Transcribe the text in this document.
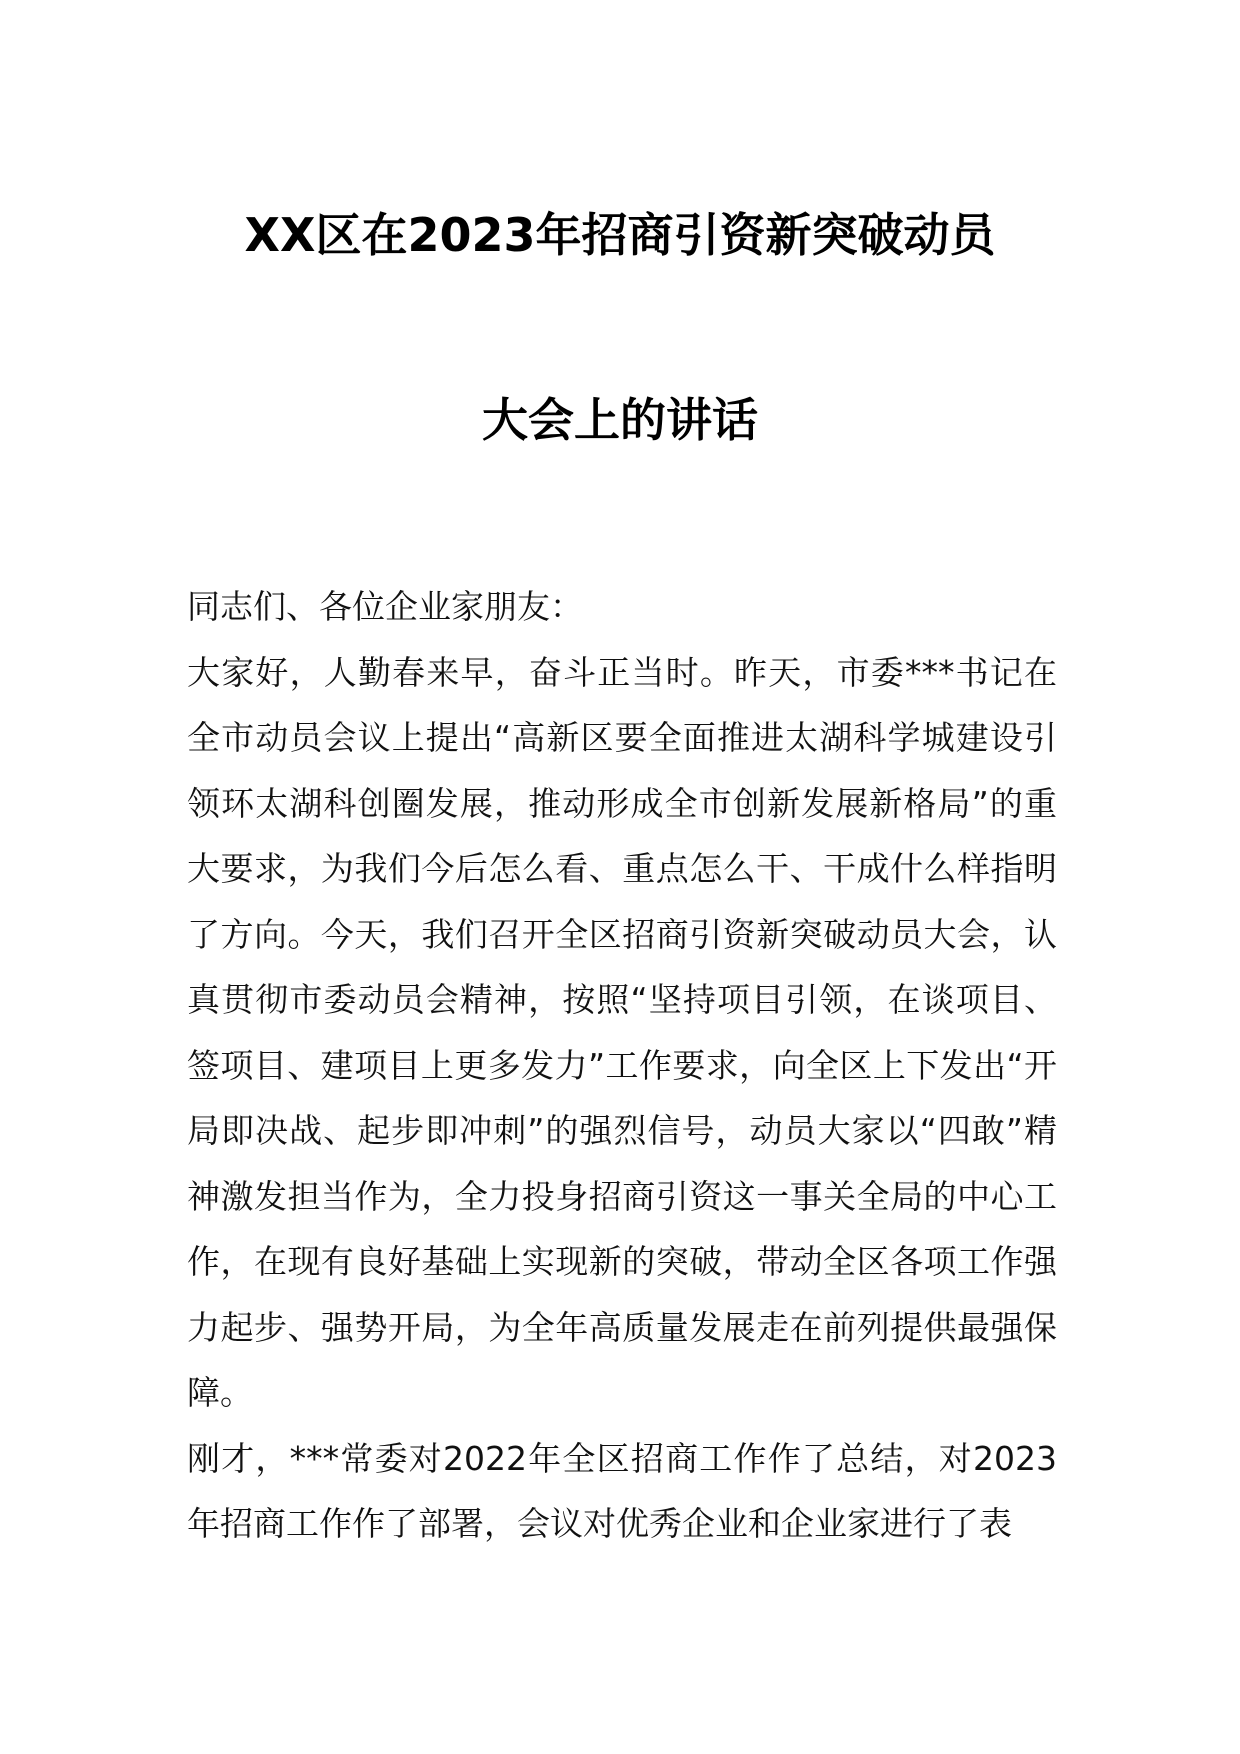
XX区在2023年招商引资新突破动员
大会上的讲话

同志们、各位企业家朋友：

大家好，人勤春来早，奋斗正当时。昨天，市委***书记在全市动员会议上提出“高新区要全面推进太湖科学城建设引领环太湖科创圈发展，推动形成全市创新发展新格局”的重大要求，为我们今后怎么看、重点怎么干、干成什么样指明了方向。今天，我们召开全区招商引资新突破动员大会，认真贯彻市委动员会精神，按照“坚持项目引领，在谈项目、签项目、建项目上更多发力”工作要求，向全区上下发出“开局即决战、起步即冲刺”的强烈信号，动员大家以“四敢”精神激发担当作为，全力投身招商引资这一事关全局的中心工作，在现有良好基础上实现新的突破，带动全区各项工作强力起步、强势开局，为全年高质量发展走在前列提供最强保障。

刚才，***常委对2022年全区招商工作作了总结，对2023年招商工作作了部署，会议对优秀企业和企业家进行了表
